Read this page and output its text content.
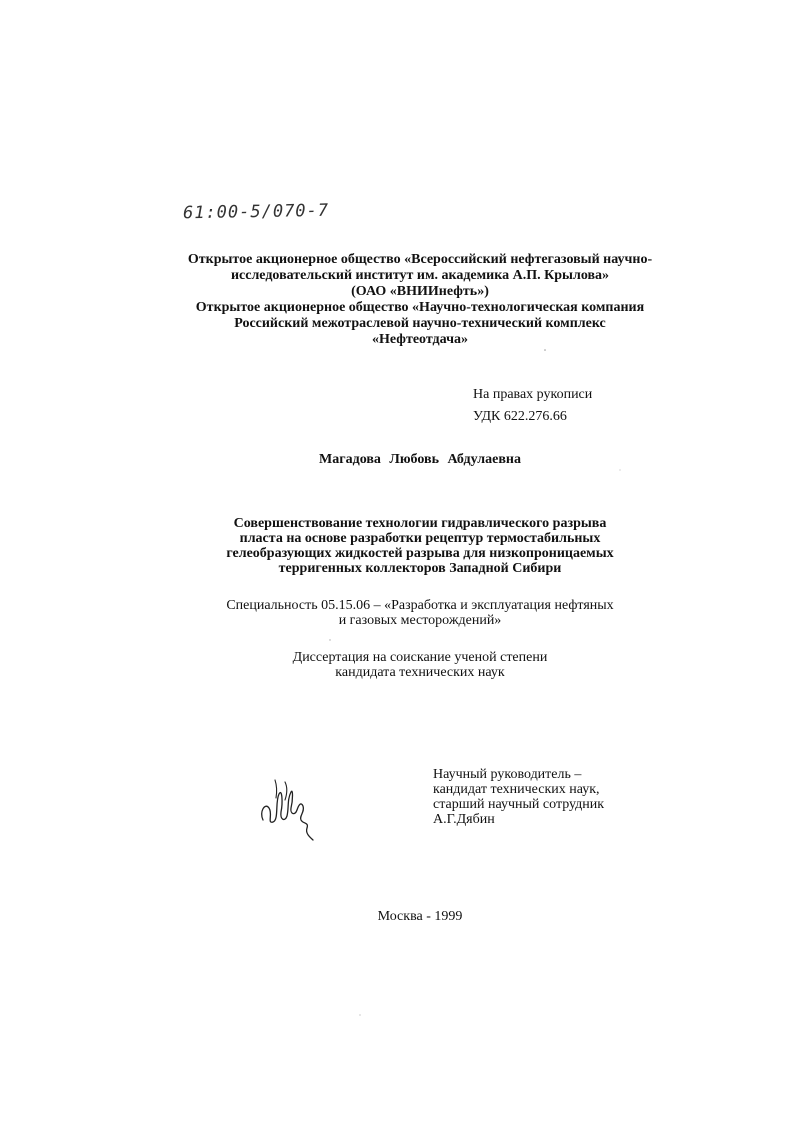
61:00-5/070-7
Открытое акционерное общество «Всероссийский нефтегазовый научно-
исследовательский институт им. академика А.П. Крылова»
(ОАО «ВНИИнефть»)
Открытое акционерное общество «Научно-технологическая компания
Российский межотраслевой научно-технический комплекс
«Нефтеотдача»
На правах рукописи
УДК 622.276.66
Магадова Любовь Абдулаевна
Совершенствование технологии гидравлического разрыва
пласта на основе разработки рецептур термостабильных
гелеобразующих жидкостей разрыва для низкопроницаемых
терригенных коллекторов Западной Сибири
Специальность 05.15.06 – «Разработка и эксплуатация нефтяных
и газовых месторождений»
Диссертация на соискание ученой степени
кандидата технических наук
Научный руководитель –
кандидат технических наук,
старший научный сотрудник
А.Г.Дябин
Москва - 1999
